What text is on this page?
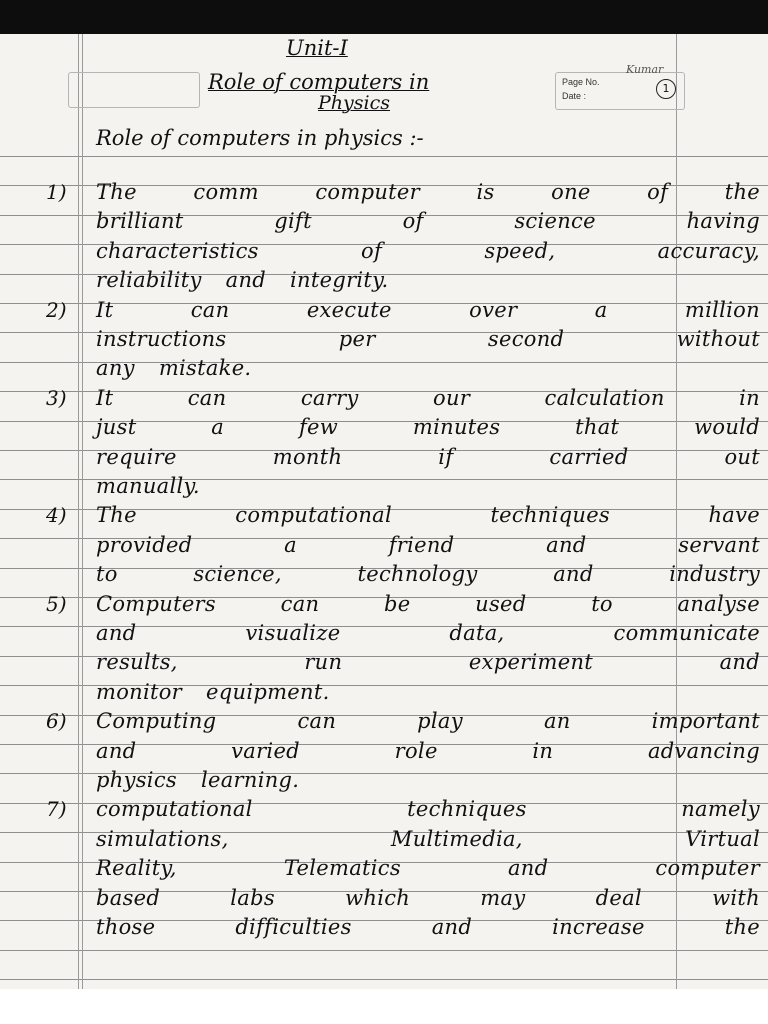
Page No.
Date :
1
Kumar
Unit-I
Role of computers in
Physics
Role of computers in physics :-
1)	The	comm	computer	is	one	of	the
brilliant	gift	of	science	having
characteristics	of	speed,	accuracy,
reliability and integrity.
2)	It	can	execute	over	a	million
instructions	per	second	without
any mistake.
3)	It	can	carry	our	calculation	in
just	a	few	minutes	that	would
require	month	if	carried	out
manually.
4)	The	computational	techniques	have
provided	a	friend	and	servant
to	science,	technology	and	industry
5)	Computers	can	be	used	to	analyse
and	visualize	data,	communicate
results,	run	experiment	and
monitor equipment.
6)	Computing	can	play	an	important
and	varied	role	in	advancing
physics learning.
7)	computational	techniques	namely
simulations,	Multimedia,	Virtual
Reality,	Telematics	and	computer
based	labs	which	may	deal	with
those	difficulties	and	increase	the
